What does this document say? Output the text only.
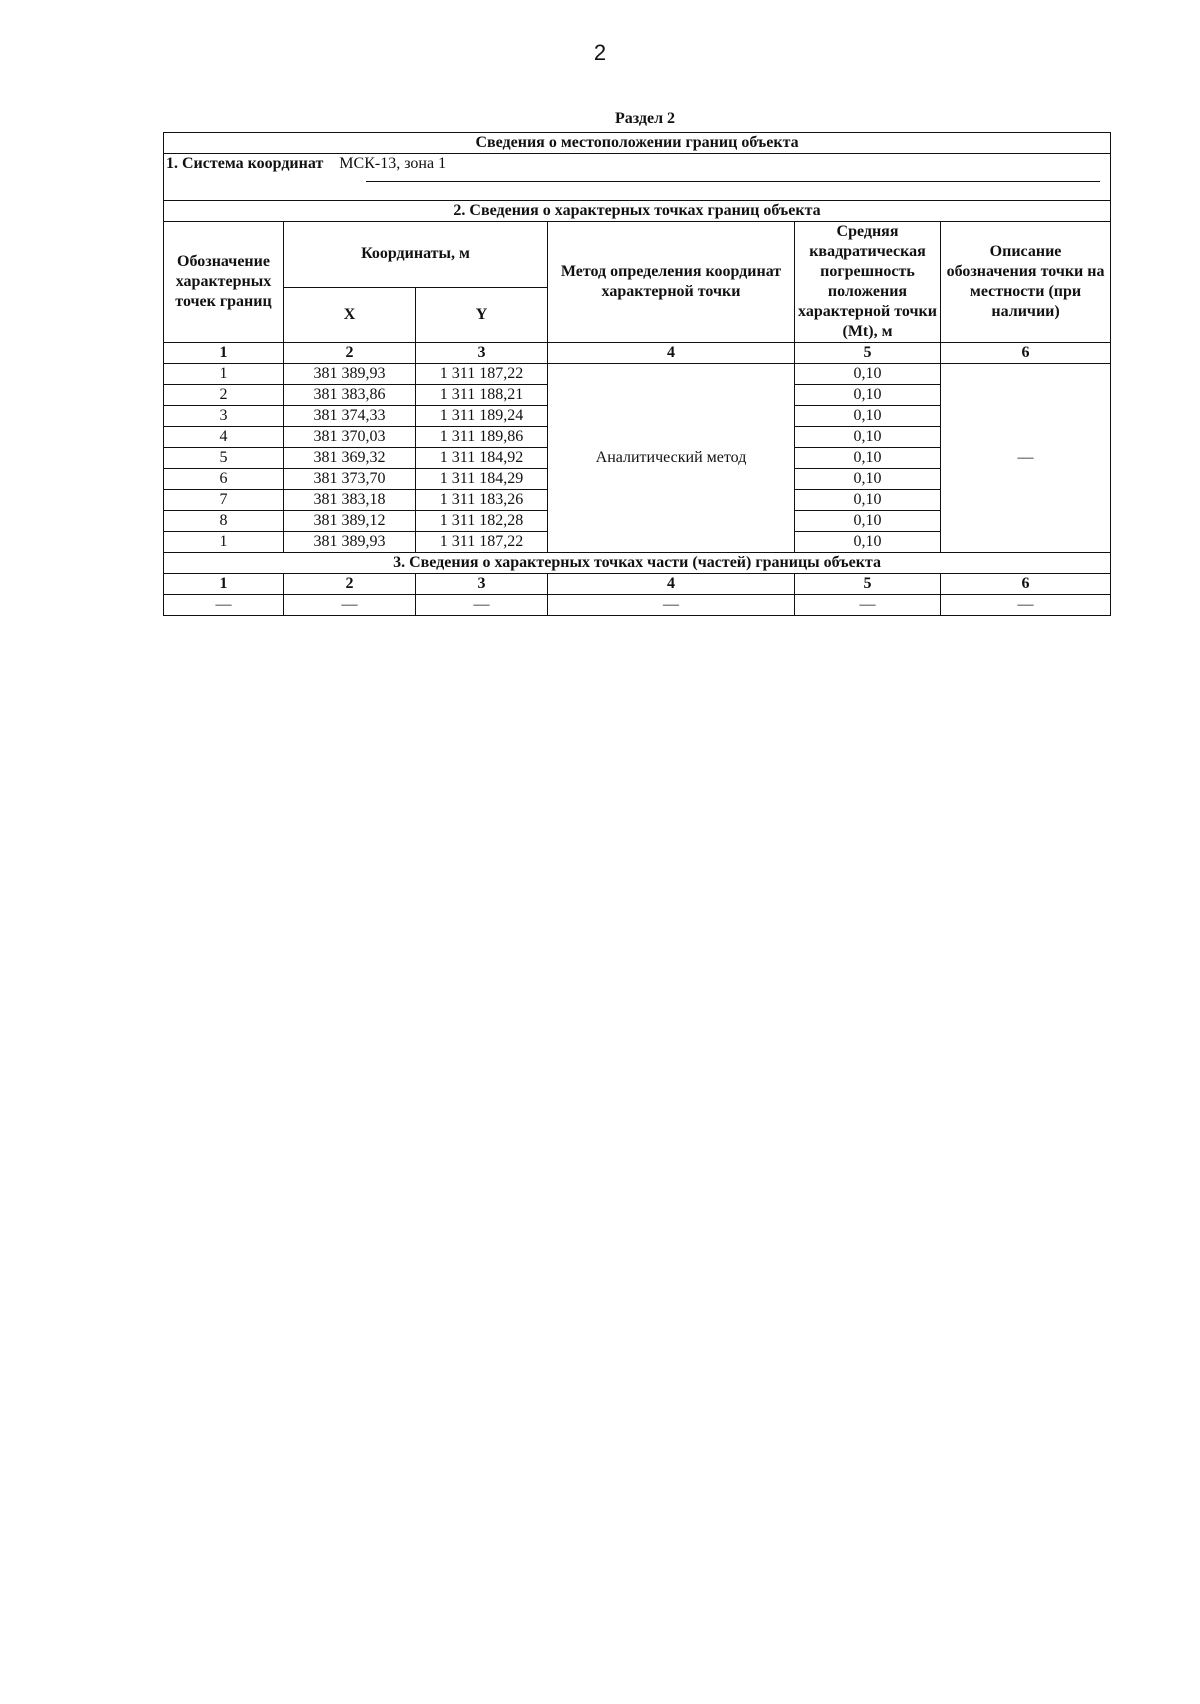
2
Раздел 2
Сведения о местоположении границ объекта					
1. Система координат МСК-13, зона 1					

2. Сведения о характерных точках границ объекта					
Обозначение характерных точек границ	Координаты, м		Метод определения координат характерной точки	Средняя квадратическая погрешность положения характерной точки (Mt), м	Описание обозначения точки на местности (при наличии)
	X	Y			
1	2	3	4	5	6
1	381 389,93	1 311 187,22	Аналитический метод	0,10	—
2	381 383,86	1 311 188,21		0,10	
3	381 374,33	1 311 189,24		0,10	
4	381 370,03	1 311 189,86		0,10	
5	381 369,32	1 311 184,92		0,10	
6	381 373,70	1 311 184,29		0,10	
7	381 383,18	1 311 183,26		0,10	
8	381 389,12	1 311 182,28		0,10	
1	381 389,93	1 311 187,22		0,10	
3. Сведения о характерных точках части (частей) границы объекта					
1	2	3	4	5	6
—	—	—	—	—	—
